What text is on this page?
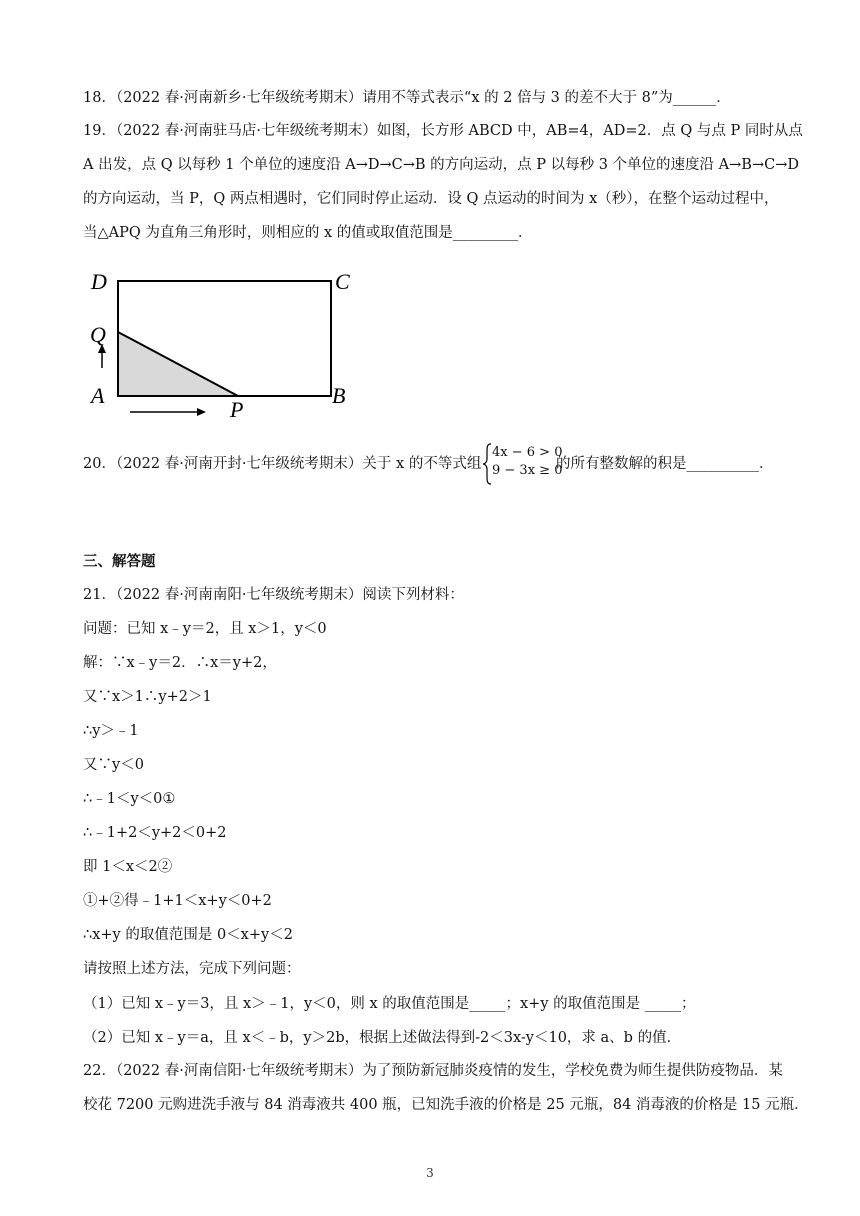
18．（2022 春·河南新乡·七年级统考期末）请用不等式表示“x 的 2 倍与 3 的差不大于 8”为______．
19．（2022 春·河南驻马店·七年级统考期末）如图，长方形 ABCD 中，AB=4，AD=2．点 Q 与点 P 同时从点
A 出发，点 Q 以每秒 1 个单位的速度沿 A→D→C→B 的方向运动，点 P 以每秒 3 个单位的速度沿 A→B→C→D
的方向运动，当 P，Q 两点相遇时，它们同时停止运动．设 Q 点运动的时间为 x（秒），在整个运动过程中，
当△APQ 为直角三角形时，则相应的 x 的值或取值范围是_________．
D	C
Q
A
P
B
20．（2022 春·河南开封·七年级统考期末）关于 x 的不等式组
4x − 6 > 0
9 − 3x ≥ 0
的所有整数解的积是__________．
三、解答题
21．（2022 春·河南南阳·七年级统考期末）阅读下列材料：
问题：已知 x﹣y＝2，且 x＞1，y＜0
解：∵x﹣y＝2．∴x＝y+2，
又∵x＞1∴y+2＞1
∴y＞﹣1
又∵y＜0
∴﹣1＜y＜0①
∴﹣1+2＜y+2＜0+2
即 1＜x＜2②
①+②得﹣1+1＜x+y＜0+2
∴x+y 的取值范围是 0＜x+y＜2
请按照上述方法，完成下列问题：
（1）已知 x﹣y＝3，且 x＞﹣1，y＜0，则 x 的取值范围是_____；x+y 的取值范围是 _____；
（2）已知 x﹣y＝a，且 x＜﹣b，y＞2b，根据上述做法得到-2＜3x-y＜10，求 a、b 的值．
22．（2022 春·河南信阳·七年级统考期末）为了预防新冠肺炎疫情的发生，学校免费为师生提供防疫物品．某
校花 7200 元购进洗手液与 84 消毒液共 400 瓶，已知洗手液的价格是 25 元瓶，84 消毒液的价格是 15 元瓶．
3
